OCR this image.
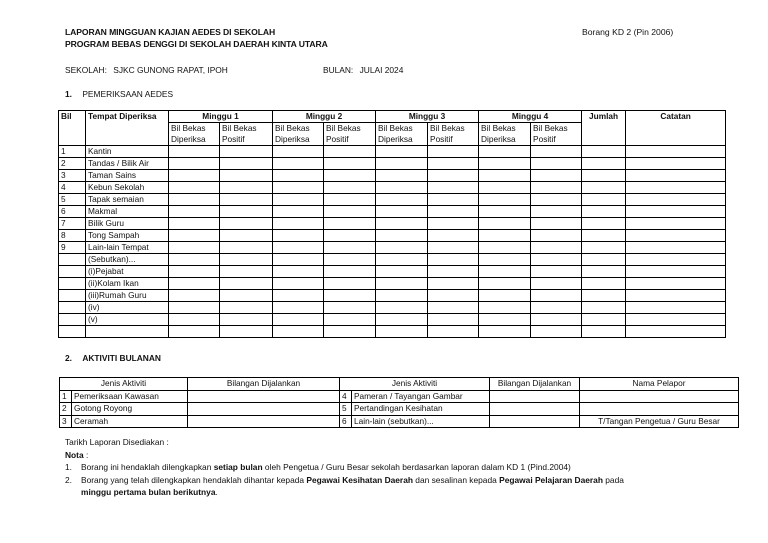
LAPORAN MINGGUAN KAJIAN AEDES DI SEKOLAH
PROGRAM BEBAS DENGGI DI SEKOLAH DAERAH KINTA UTARA
Borang KD 2 (Pin 2006)
SEKOLAH: SJKC GUNONG RAPAT, IPOH	BULAN: JULAI 2024
1. PEMERIKSAAN AEDES
Bil	Tempat Diperiksa	Minggu 1		Minggu 2		Minggu 3		Minggu 4		Jumlah	Catatan
		Bil Bekas Diperiksa	Bil Bekas Positif	Bil Bekas Diperiksa	Bil Bekas Positif	Bil Bekas Diperiksa	Bil Bekas Positif	Bil Bekas Diperiksa	Bil Bekas Positif		
1	Kantin										
2	Tandas / Bilik Air										
3	Taman Sains										
4	Kebun Sekolah										
5	Tapak semaian										
6	Makmal										
7	Bilik Guru										
8	Tong Sampah										
9	Lain-lain Tempat										
	(Sebutkan)...										
	(i)Pejabat										
	(ii)Kolam Ikan										
	(iii)Rumah Guru										
	(iv)										
	(v)										

2. AKTIVITI BULANAN
Jenis Aktiviti		Bilangan Dijalankan	Jenis Aktiviti		Bilangan Dijalankan	Nama Pelapor
1	Pemeriksaan Kawasan		4	Pameran / Tayangan Gambar		
2	Gotong Royong		5	Pertandingan Kesihatan		
3	Ceramah		6	Lain-lain (sebutkan)...		T/Tangan Pengetua / Guru Besar
Tarikh Laporan Disediakan :
Nota :
1. Borang ini hendaklah dilengkapkan setiap bulan oleh Pengetua / Guru Besar sekolah berdasarkan laporan dalam KD 1 (Pind.2004)
2. Borang yang telah dilengkapkan hendaklah dihantar kepada Pegawai Kesihatan Daerah dan sesalinan kepada Pegawai Pelajaran Daerah pada
minggu pertama bulan berikutnya.
